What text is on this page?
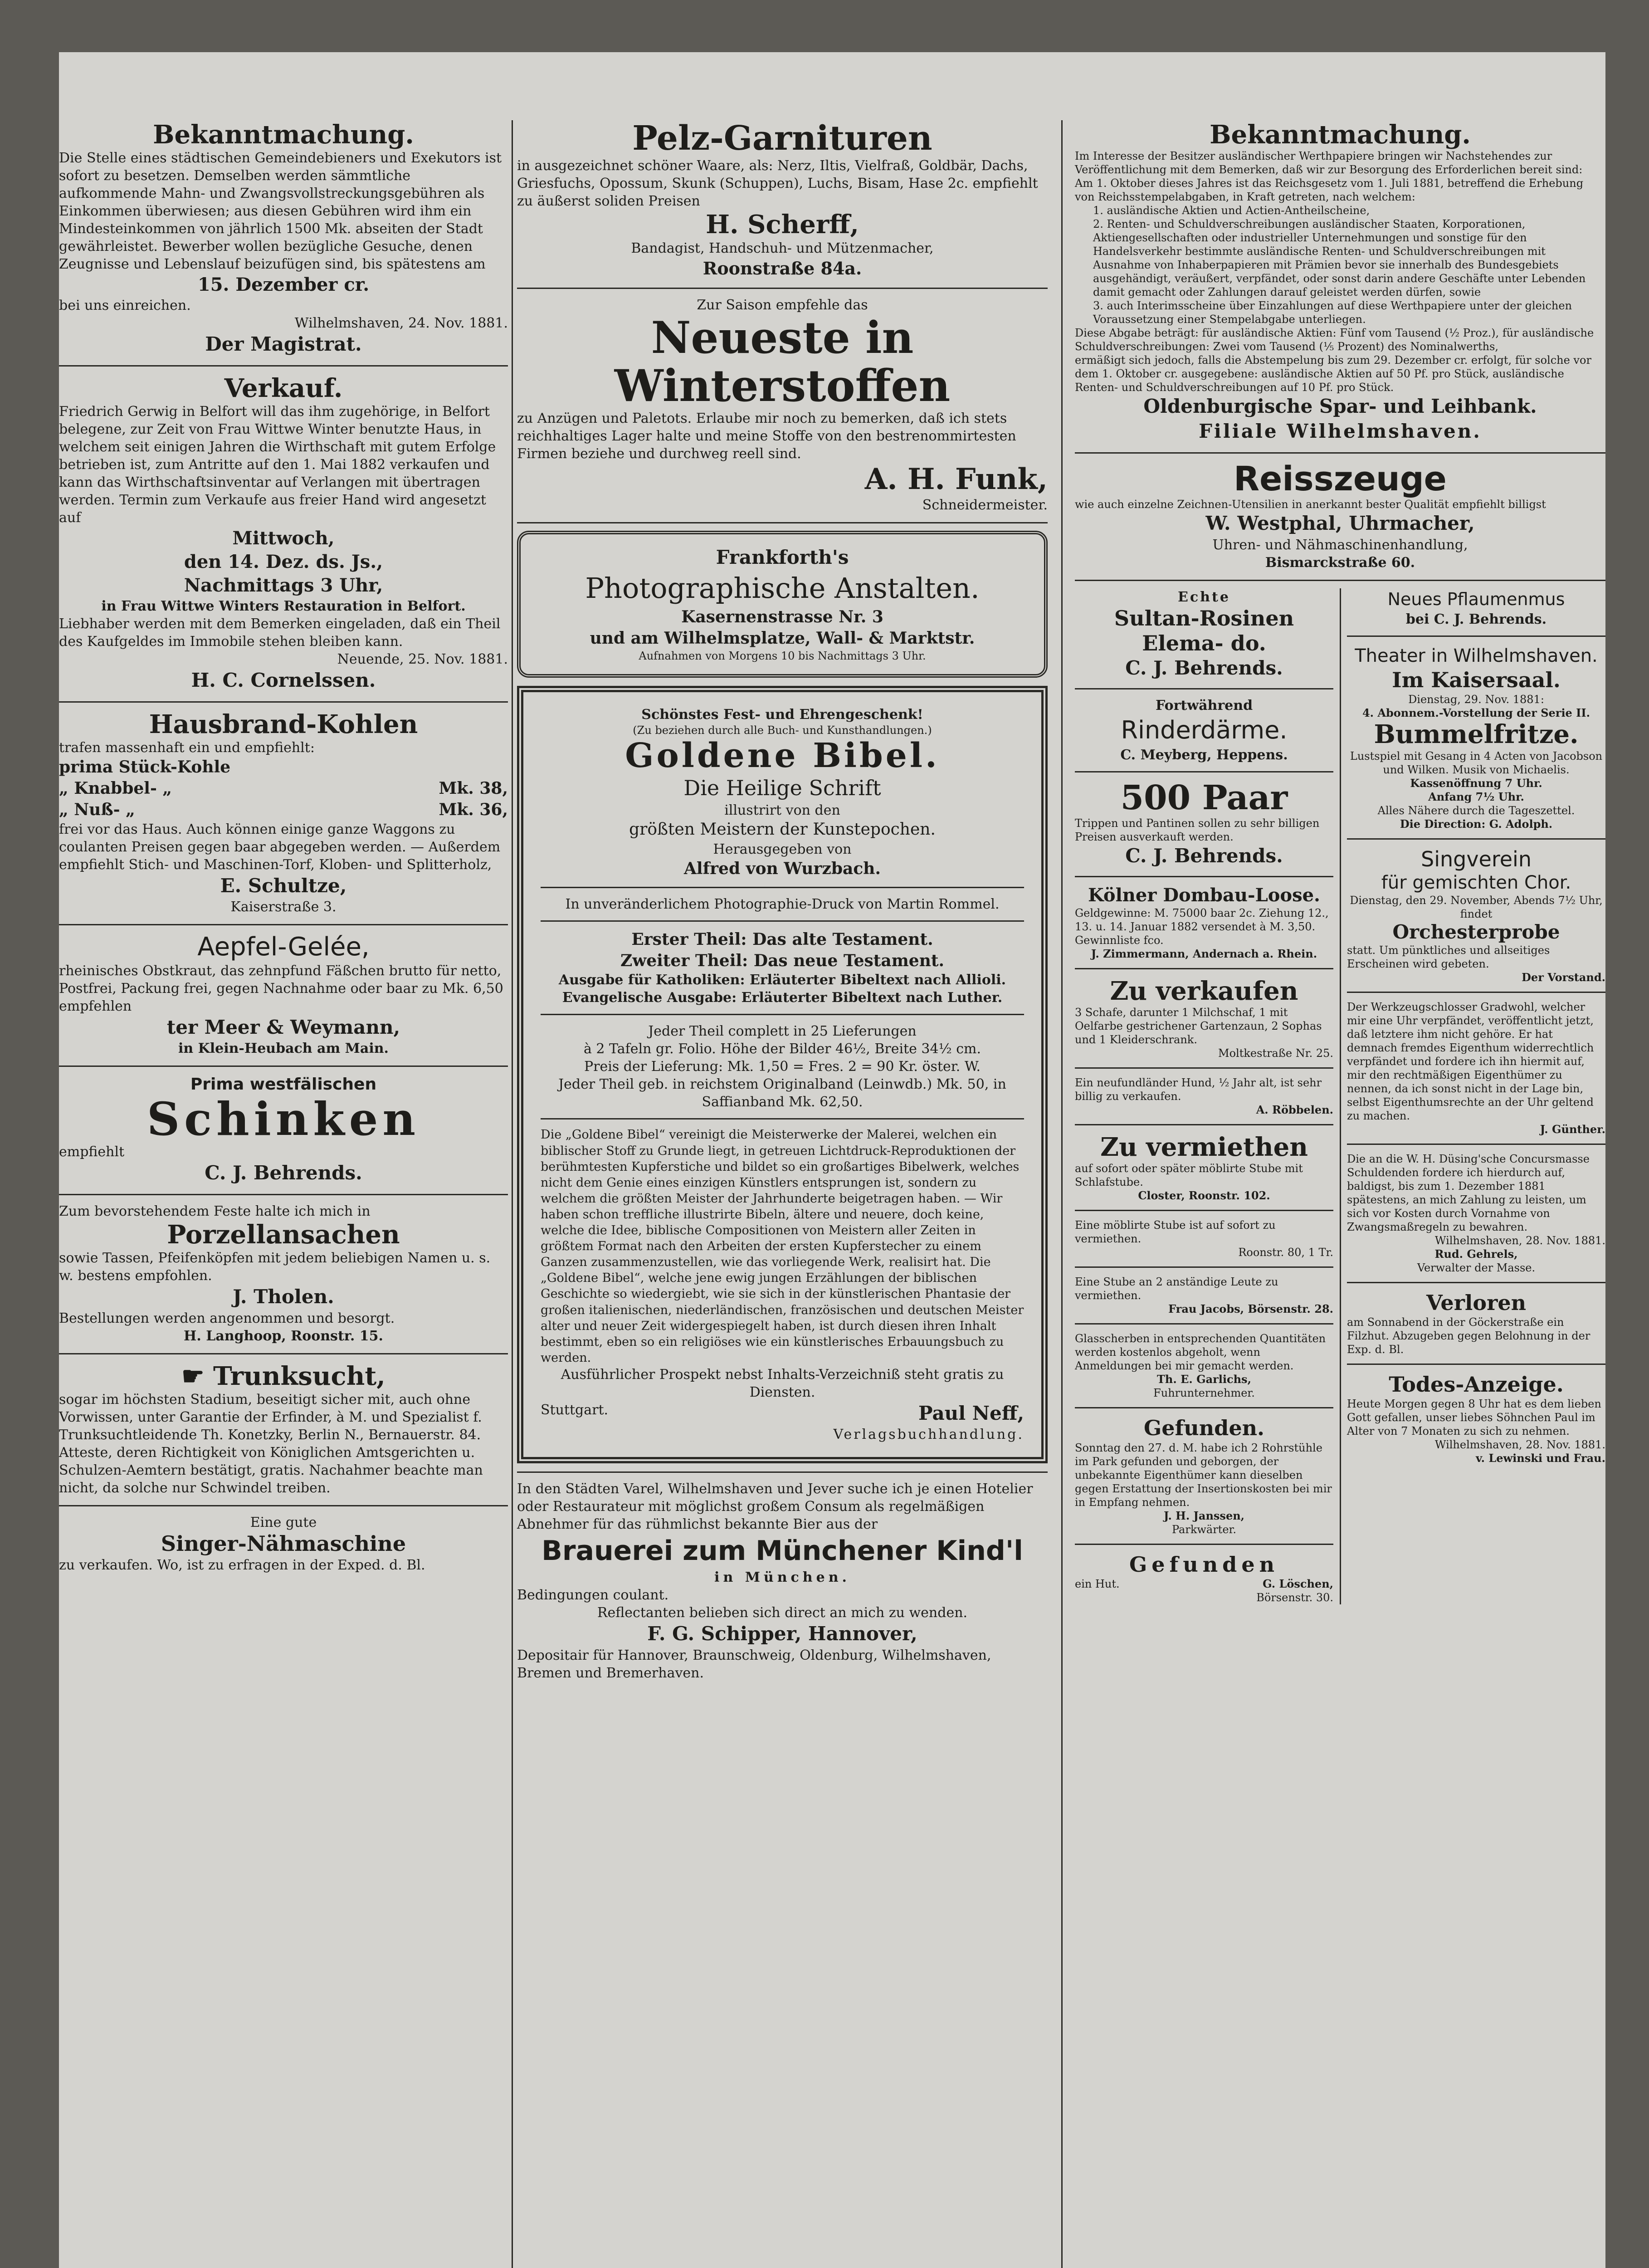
Bekanntmachung.
Die Stelle eines städtischen Gemeindebieners und Exekutors ist sofort zu besetzen. Demselben werden sämmtliche aufkommende Mahn- und Zwangsvollstreckungsgebühren als Einkommen überwiesen; aus diesen Gebühren wird ihm ein Mindesteinkommen von jährlich 1500 Mk. abseiten der Stadt gewährleistet. Bewerber wollen bezügliche Gesuche, denen Zeugnisse und Lebenslauf beizufügen sind, bis spätestens am
15. Dezember cr.
bei uns einreichen.
Wilhelmshaven, 24. Nov. 1881.
Der Magistrat.
Verkauf.
Friedrich Gerwig in Belfort will das ihm zugehörige, in Belfort belegene, zur Zeit von Frau Wittwe Winter benutzte Haus, in welchem seit einigen Jahren die Wirthschaft mit gutem Erfolge betrieben ist, zum Antritte auf den 1. Mai 1882 verkaufen und kann das Wirthschaftsinventar auf Verlangen mit übertragen werden. Termin zum Verkaufe aus freier Hand wird angesetzt auf
Mittwoch,
den 14. Dez. ds. Js.,
Nachmittags 3 Uhr,
in Frau Wittwe Winters Restauration in Belfort.
Liebhaber werden mit dem Bemerken eingeladen, daß ein Theil des Kaufgeldes im Immobile stehen bleiben kann.
Neuende, 25. Nov. 1881.
H. C. Cornelssen.
Hausbrand-Kohlen
trafen massenhaft ein und empfiehlt:
prima Stück-Kohle
„ Knabbel- „	Mk. 38,
„ Nuß- „	Mk. 36,
frei vor das Haus. Auch können einige ganze Waggons zu coulanten Preisen gegen baar abgegeben werden. — Außerdem empfiehlt Stich- und Maschinen-Torf, Kloben- und Splitterholz,
E. Schultze,
Kaiserstraße 3.
Aepfel-Gelée,
rheinisches Obstkraut, das zehnpfund Fäßchen brutto für netto, Postfrei, Packung frei, gegen Nachnahme oder baar zu Mk. 6,50 empfehlen
ter Meer & Weymann,
in Klein-Heubach am Main.
Prima westfälischen
Schinken
empfiehlt
C. J. Behrends.
Zum bevorstehendem Feste halte ich mich in
Porzellansachen
sowie Tassen, Pfeifenköpfen mit jedem beliebigen Namen u. s. w. bestens empfohlen.
J. Tholen.
Bestellungen werden angenommen und besorgt.
H. Langhoop, Roonstr. 15.
☛ Trunksucht,
sogar im höchsten Stadium, beseitigt sicher mit, auch ohne Vorwissen, unter Garantie der Erfinder, à M. und Spezialist f. Trunksuchtleidende Th. Konetzky, Berlin N., Bernauerstr. 84. Atteste, deren Richtigkeit von Königlichen Amtsgerichten u. Schulzen-Aemtern bestätigt, gratis. Nachahmer beachte man nicht, da solche nur Schwindel treiben.
Eine gute
Singer-Nähmaschine
zu verkaufen. Wo, ist zu erfragen in der Exped. d. Bl.
Pelz-Garnituren
in ausgezeichnet schöner Waare, als: Nerz, Iltis, Vielfraß, Goldbär, Dachs, Griesfuchs, Opossum, Skunk (Schuppen), Luchs, Bisam, Hase 2c. empfiehlt zu äußerst soliden Preisen
H. Scherff,
Bandagist, Handschuh- und Mützenmacher,
Roonstraße 84a.
Zur Saison empfehle das
Neueste in Winterstoffen
zu Anzügen und Paletots. Erlaube mir noch zu bemerken, daß ich stets reichhaltiges Lager halte und meine Stoffe von den bestrenommirtesten Firmen beziehe und durchweg reell sind.
A. H. Funk,
Schneidermeister.
Frankforth's
Photographische Anstalten.
Kasernenstrasse Nr. 3
und am Wilhelmsplatze, Wall- & Marktstr.
Aufnahmen von Morgens 10 bis Nachmittags 3 Uhr.
Schönstes Fest- und Ehrengeschenk!
(Zu beziehen durch alle Buch- und Kunsthandlungen.)
Goldene Bibel.
Die Heilige Schrift
illustrirt von den
größten Meistern der Kunstepochen.
Herausgegeben von
Alfred von Wurzbach.
In unveränderlichem Photographie-Druck von Martin Rommel.
Erster Theil: Das alte Testament.
Zweiter Theil: Das neue Testament.
Ausgabe für Katholiken: Erläuterter Bibeltext nach Allioli.
Evangelische Ausgabe: Erläuterter Bibeltext nach Luther.
Jeder Theil complett in 25 Lieferungen
à 2 Tafeln gr. Folio. Höhe der Bilder 46½, Breite 34½ cm.
Preis der Lieferung: Mk. 1,50 = Fres. 2 = 90 Kr. öster. W.
Jeder Theil geb. in reichstem Originalband (Leinwdb.) Mk. 50, in Saffianband Mk. 62,50.
Die „Goldene Bibel“ vereinigt die Meisterwerke der Malerei, welchen ein biblischer Stoff zu Grunde liegt, in getreuen Lichtdruck-Reproduktionen der berühmtesten Kupferstiche und bildet so ein großartiges Bibelwerk, welches nicht dem Genie eines einzigen Künstlers entsprungen ist, sondern zu welchem die größten Meister der Jahrhunderte beigetragen haben. — Wir haben schon treffliche illustrirte Bibeln, ältere und neuere, doch keine, welche die Idee, biblische Compositionen von Meistern aller Zeiten in größtem Format nach den Arbeiten der ersten Kupferstecher zu einem Ganzen zusammenzustellen, wie das vorliegende Werk, realisirt hat. Die „Goldene Bibel“, welche jene ewig jungen Erzählungen der biblischen Geschichte so wiedergiebt, wie sie sich in der künstlerischen Phantasie der großen italienischen, niederländischen, französischen und deutschen Meister alter und neuer Zeit widergespiegelt haben, ist durch diesen ihren Inhalt bestimmt, eben so ein religiöses wie ein künstlerisches Erbauungsbuch zu werden.
Ausführlicher Prospekt nebst Inhalts-Verzeichniß steht gratis zu Diensten.
Stuttgart.	Paul Neff,
Verlagsbuchhandlung.
In den Städten Varel, Wilhelmshaven und Jever suche ich je einen Hotelier oder Restaurateur mit möglichst großem Consum als regelmäßigen Abnehmer für das rühmlichst bekannte Bier aus der
Brauerei zum Münchener Kind'l
in München.
Bedingungen coulant.
Reflectanten belieben sich direct an mich zu wenden.
F. G. Schipper, Hannover,
Depositair für Hannover, Braunschweig, Oldenburg, Wilhelmshaven, Bremen und Bremerhaven.
Bekanntmachung.
Im Interesse der Besitzer ausländischer Werthpapiere bringen wir Nachstehendes zur Veröffentlichung mit dem Bemerken, daß wir zur Besorgung des Erforderlichen bereit sind:
Am 1. Oktober dieses Jahres ist das Reichsgesetz vom 1. Juli 1881, betreffend die Erhebung von Reichsstempelabgaben, in Kraft getreten, nach welchem:
1. ausländische Aktien und Actien-Antheilscheine,
2. Renten- und Schuldverschreibungen ausländischer Staaten, Korporationen, Aktiengesellschaften oder industrieller Unternehmungen und sonstige für den Handelsverkehr bestimmte ausländische Renten- und Schuldverschreibungen mit Ausnahme von Inhaberpapieren mit Prämien bevor sie innerhalb des Bundesgebiets ausgehändigt, veräußert, verpfändet, oder sonst darin andere Geschäfte unter Lebenden damit gemacht oder Zahlungen darauf geleistet werden dürfen, sowie
3. auch Interimsscheine über Einzahlungen auf diese Werthpapiere unter der gleichen Voraussetzung einer Stempelabgabe unterliegen.
Diese Abgabe beträgt: für ausländische Aktien: Fünf vom Tausend (½ Proz.), für ausländische Schuldverschreibungen: Zwei vom Tausend (⅕ Prozent) des Nominalwerths,
ermäßigt sich jedoch, falls die Abstempelung bis zum 29. Dezember cr. erfolgt, für solche vor dem 1. Oktober cr. ausgegebene: ausländische Aktien auf 50 Pf. pro Stück, ausländische Renten- und Schuldverschreibungen auf 10 Pf. pro Stück.
Oldenburgische Spar- und Leihbank.
Filiale Wilhelmshaven.
Reisszeuge
wie auch einzelne Zeichnen-Utensilien in anerkannt bester Qualität empfiehlt billigst
W. Westphal, Uhrmacher,
Uhren- und Nähmaschinenhandlung,
Bismarckstraße 60.
Echte
Sultan-Rosinen
Elema- do.
C. J. Behrends.
Fortwährend
Rinderdärme.
C. Meyberg, Heppens.
500 Paar
Trippen und Pantinen sollen zu sehr billigen Preisen ausverkauft werden.
C. J. Behrends.
Kölner Dombau-Loose.
Geldgewinne: M. 75000 baar 2c. Ziehung 12., 13. u. 14. Januar 1882 versendet à M. 3,50. Gewinnliste fco.
J. Zimmermann, Andernach a. Rhein.
Zu verkaufen
3 Schafe, darunter 1 Milchschaf, 1 mit Oelfarbe gestrichener Gartenzaun, 2 Sophas und 1 Kleiderschrank.
Moltkestraße Nr. 25.
Ein neufundländer Hund, ½ Jahr alt, ist sehr billig zu verkaufen.
A. Röbbelen.
Zu vermiethen
auf sofort oder später möblirte Stube mit Schlafstube.
Closter, Roonstr. 102.
Eine möblirte Stube ist auf sofort zu vermiethen.
Roonstr. 80, 1 Tr.
Eine Stube an 2 anständige Leute zu vermiethen.
Frau Jacobs, Börsenstr. 28.
Glasscherben in entsprechenden Quantitäten werden kostenlos abgeholt, wenn Anmeldungen bei mir gemacht werden.
Th. E. Garlichs,
Fuhrunternehmer.
Gefunden.
Sonntag den 27. d. M. habe ich 2 Rohrstühle im Park gefunden und geborgen, der unbekannte Eigenthümer kann dieselben gegen Erstattung der Insertionskosten bei mir in Empfang nehmen.
J. H. Janssen,
Parkwärter.
Gefunden
ein Hut.	G. Löschen,
Börsenstr. 30.
Neues Pflaumenmus
bei C. J. Behrends.
Theater in Wilhelmshaven.
Im Kaisersaal.
Dienstag, 29. Nov. 1881:
4. Abonnem.-Vorstellung der Serie II.
Bummelfritze.
Lustspiel mit Gesang in 4 Acten von Jacobson und Wilken. Musik von Michaelis.
Kassenöffnung 7 Uhr.
Anfang 7½ Uhr.
Alles Nähere durch die Tageszettel.
Die Direction: G. Adolph.
Singverein
für gemischten Chor.
Dienstag, den 29. November, Abends 7½ Uhr, findet
Orchesterprobe
statt. Um pünktliches und allseitiges Erscheinen wird gebeten.
Der Vorstand.
Der Werkzeugschlosser Gradwohl, welcher mir eine Uhr verpfändet, veröffentlicht jetzt, daß letztere ihm nicht gehöre. Er hat demnach fremdes Eigenthum widerrechtlich verpfändet und fordere ich ihn hiermit auf, mir den rechtmäßigen Eigenthümer zu nennen, da ich sonst nicht in der Lage bin, selbst Eigenthumsrechte an der Uhr geltend zu machen.
J. Günther.
Die an die W. H. Düsing'sche Concursmasse Schuldenden fordere ich hierdurch auf, baldigst, bis zum 1. Dezember 1881 spätestens, an mich Zahlung zu leisten, um sich vor Kosten durch Vornahme von Zwangsmaßregeln zu bewahren.
Wilhelmshaven, 28. Nov. 1881.
Rud. Gehrels,
Verwalter der Masse.
Verloren
am Sonnabend in der Göckerstraße ein Filzhut. Abzugeben gegen Belohnung in der Exp. d. Bl.
Todes-Anzeige.
Heute Morgen gegen 8 Uhr hat es dem lieben Gott gefallen, unser liebes Söhnchen Paul im Alter von 7 Monaten zu sich zu nehmen.
Wilhelmshaven, 28. Nov. 1881.
v. Lewinski und Frau.
